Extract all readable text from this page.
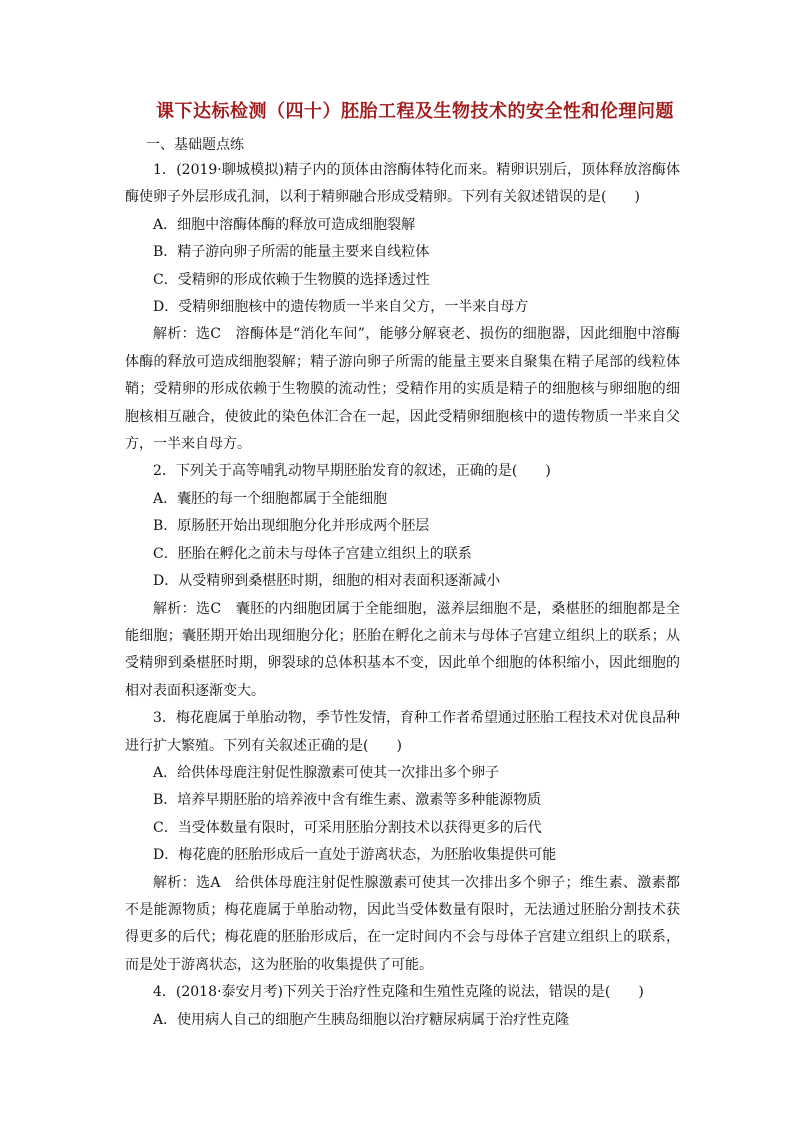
课下达标检测（四十）胚胎工程及生物技术的安全性和伦理问题
一、基础题点练

1．(2019·聊城模拟)精子内的顶体由溶酶体特化而来。精卵识别后，顶体释放溶酶体酶使卵子外层形成孔洞，以利于精卵融合形成受精卵。下列有关叙述错误的是(　　)

A．细胞中溶酶体酶的释放可造成细胞裂解

B．精子游向卵子所需的能量主要来自线粒体

C．受精卵的形成依赖于生物膜的选择透过性

D．受精卵细胞核中的遗传物质一半来自父方，一半来自母方

解析：选C　溶酶体是“消化车间”，能够分解衰老、损伤的细胞器，因此细胞中溶酶体酶的释放可造成细胞裂解；精子游向卵子所需的能量主要来自聚集在精子尾部的线粒体鞘；受精卵的形成依赖于生物膜的流动性；受精作用的实质是精子的细胞核与卵细胞的细胞核相互融合，使彼此的染色体汇合在一起，因此受精卵细胞核中的遗传物质一半来自父方，一半来自母方。

2．下列关于高等哺乳动物早期胚胎发育的叙述，正确的是(　　)

A．囊胚的每一个细胞都属于全能细胞

B．原肠胚开始出现细胞分化并形成两个胚层

C．胚胎在孵化之前未与母体子宫建立组织上的联系

D．从受精卵到桑椹胚时期，细胞的相对表面积逐渐减小

解析：选C　囊胚的内细胞团属于全能细胞，滋养层细胞不是，桑椹胚的细胞都是全能细胞；囊胚期开始出现细胞分化；胚胎在孵化之前未与母体子宫建立组织上的联系；从受精卵到桑椹胚时期，卵裂球的总体积基本不变，因此单个细胞的体积缩小，因此细胞的相对表面积逐渐变大。

3．梅花鹿属于单胎动物，季节性发情，育种工作者希望通过胚胎工程技术对优良品种进行扩大繁殖。下列有关叙述正确的是(　　)

A．给供体母鹿注射促性腺激素可使其一次排出多个卵子

B．培养早期胚胎的培养液中含有维生素、激素等多种能源物质

C．当受体数量有限时，可采用胚胎分割技术以获得更多的后代

D．梅花鹿的胚胎形成后一直处于游离状态，为胚胎收集提供可能

解析：选A　给供体母鹿注射促性腺激素可使其一次排出多个卵子；维生素、激素都不是能源物质；梅花鹿属于单胎动物，因此当受体数量有限时，无法通过胚胎分割技术获得更多的后代；梅花鹿的胚胎形成后，在一定时间内不会与母体子宫建立组织上的联系，而是处于游离状态，这为胚胎的收集提供了可能。

4．(2018·泰安月考)下列关于治疗性克隆和生殖性克隆的说法，错误的是(　　)

A．使用病人自己的细胞产生胰岛细胞以治疗糖尿病属于治疗性克隆
